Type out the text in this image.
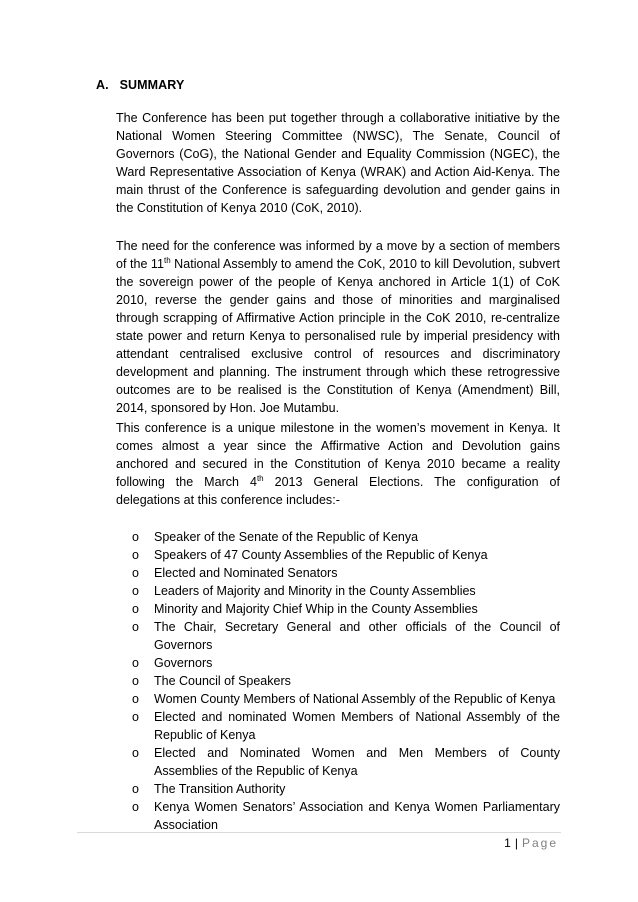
A. SUMMARY
The Conference has been put together through a collaborative initiative by the National Women Steering Committee (NWSC), The Senate, Council of Governors (CoG), the National Gender and Equality Commission (NGEC), the Ward Representative Association of Kenya (WRAK) and Action Aid-Kenya. The main thrust of the Conference is safeguarding devolution and gender gains in the Constitution of Kenya 2010 (CoK, 2010).
The need for the conference was informed by a move by a section of members of the 11th National Assembly to amend the CoK, 2010 to kill Devolution, subvert the sovereign power of the people of Kenya anchored in Article 1(1) of CoK 2010, reverse the gender gains and those of minorities and marginalised through scrapping of Affirmative Action principle in the CoK 2010, re-centralize state power and return Kenya to personalised rule by imperial presidency with attendant centralised exclusive control of resources and discriminatory development and planning. The instrument through which these retrogressive outcomes are to be realised is the Constitution of Kenya (Amendment) Bill, 2014, sponsored by Hon. Joe Mutambu.
This conference is a unique milestone in the women’s movement in Kenya. It comes almost a year since the Affirmative Action and Devolution gains anchored and secured in the Constitution of Kenya 2010 became a reality following the March 4th 2013 General Elections. The configuration of delegations at this conference includes:-
o Speaker of the Senate of the Republic of Kenya
o Speakers of 47 County Assemblies of the Republic of Kenya
o Elected and Nominated Senators
o Leaders of Majority and Minority in the County Assemblies
o Minority and Majority Chief Whip in the County Assemblies
o The Chair, Secretary General and other officials of the Council of Governors
o Governors
o The Council of Speakers
o Women County Members of National Assembly of the Republic of Kenya
o Elected and nominated Women Members of National Assembly of the Republic of Kenya
o Elected and Nominated Women and Men Members of County Assemblies of the Republic of Kenya
o The Transition Authority
o Kenya Women Senators’ Association and Kenya Women Parliamentary Association
1 | Page
